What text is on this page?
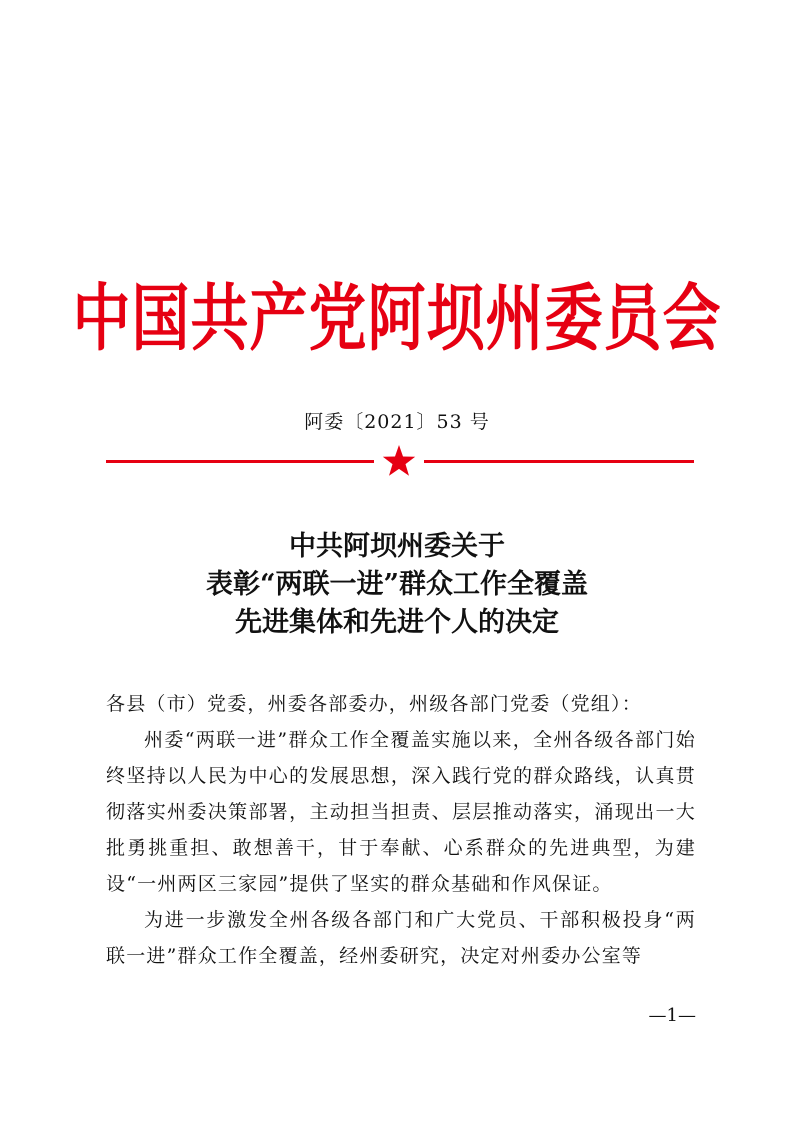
中国共产党阿坝州委员会
阿委〔2021〕53 号
中共阿坝州委关于
表彰“两联一进”群众工作全覆盖
先进集体和先进个人的决定

各县（市）党委，州委各部委办，州级各部门党委（党组）：

州委“两联一进”群众工作全覆盖实施以来，全州各级各部门始终坚持以人民为中心的发展思想，深入践行党的群众路线，认真贯彻落实州委决策部署，主动担当担责、层层推动落实，涌现出一大批勇挑重担、敢想善干，甘于奉献、心系群众的先进典型，为建设“一州两区三家园”提供了坚实的群众基础和作风保证。

为进一步激发全州各级各部门和广大党员、干部积极投身“两联一进”群众工作全覆盖，经州委研究，决定对州委办公室等

—1—
